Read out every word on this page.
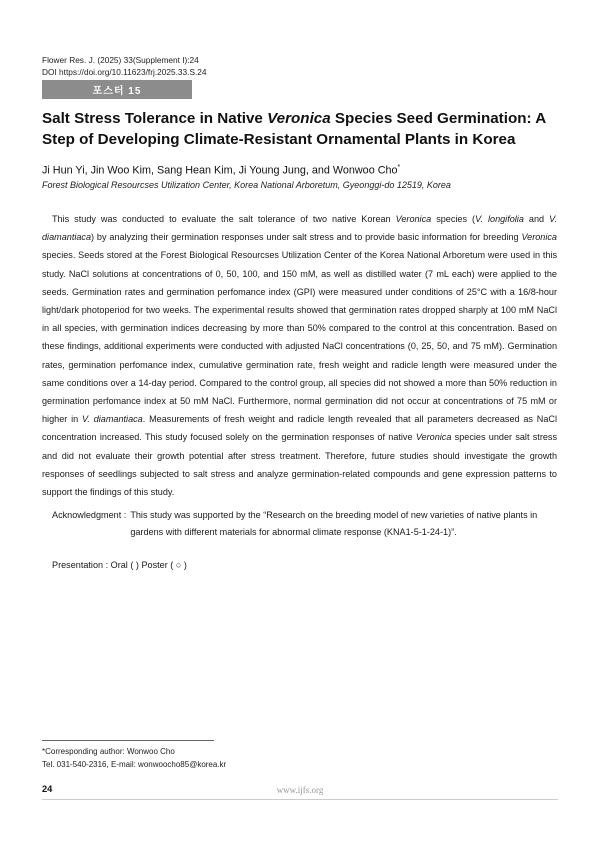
Flower Res. J. (2025) 33(Supplement I):24
DOI https://doi.org/10.11623/frj.2025.33.S.24
포스터 15
Salt Stress Tolerance in Native Veronica Species Seed Germination: A Step of Developing Climate-Resistant Ornamental Plants in Korea
Ji Hun Yi, Jin Woo Kim, Sang Hean Kim, Ji Young Jung, and Wonwoo Cho*
Forest Biological Resourcses Utilization Center, Korea National Arboretum, Gyeonggi-do 12519, Korea
This study was conducted to evaluate the salt tolerance of two native Korean Veronica species (V. longifolia and V. diamantiaca) by analyzing their germination responses under salt stress and to provide basic information for breeding Veronica species. Seeds stored at the Forest Biological Resourcses Utilization Center of the Korea National Arboretum were used in this study. NaCl solutions at concentrations of 0, 50, 100, and 150 mM, as well as distilled water (7 mL each) were applied to the seeds. Germination rates and germination perfomance index (GPI) were measured under conditions of 25°C with a 16/8-hour light/dark photoperiod for two weeks. The experimental results showed that germination rates dropped sharply at 100 mM NaCl in all species, with germination indices decreasing by more than 50% compared to the control at this concentration. Based on these findings, additional experiments were conducted with adjusted NaCl concentrations (0, 25, 50, and 75 mM). Germination rates, germination perfomance index, cumulative germination rate, fresh weight and radicle length were measured under the same conditions over a 14-day period. Compared to the control group, all species did not showed a more than 50% reduction in germination perfomance index at 50 mM NaCl. Furthermore, normal germination did not occur at concentrations of 75 mM or higher in V. diamantiaca. Measurements of fresh weight and radicle length revealed that all parameters decreased as NaCl concentration increased. This study focused solely on the germination responses of native Veronica species under salt stress and did not evaluate their growth potential after stress treatment. Therefore, future studies should investigate the growth responses of seedlings subjected to salt stress and analyze germination-related compounds and gene expression patterns to support the findings of this study.
Acknowledgment : This study was supported by the “Research on the breeding model of new varieties of native plants in gardens with different materials for abnormal climate response (KNA1-5-1-24-1)”.
Presentation : Oral ( ) Poster ( ○ )
*Corresponding author: Wonwoo Cho
Tel. 031-540-2316, E-mail: wonwoocho85@korea.kr
24	www.ijfs.org
